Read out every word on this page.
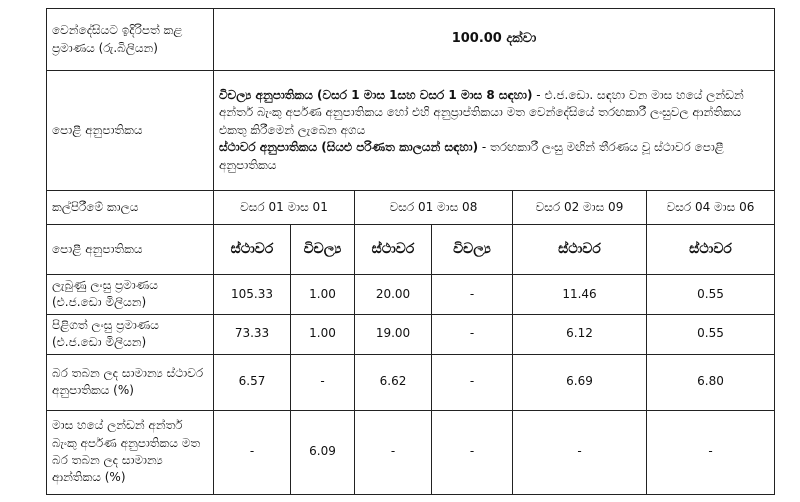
වෙන්දේසියට ඉදිරිපත් කළ ප්‍රමාණය (රු.බිලියන)	100.00 දක්වා					
පොළී අනුපාතිකය	විචල්‍ය අනුපාතිකය (වසර 1 මාස 1සහ වසර 1 මාස 8 සඳහා) - එ.ජ.ඩො. සඳහා වන මාස හයේ ලන්ඩන් අන්තර් බැංකු අර්පණ අනුපාතිකය හෝ එහි අනුප්‍රාප්තිකයා මත වෙන්දේසියේ තරඟකාරී ලංසුවල ආන්තිකය එකතු කිරීමෙන් ලැබෙන අගය

ස්ථාවර අනුපාතිකය (සියළු පරිණත කාලයන් සඳහා) - තරඟකාරී ලංසු මඟින් තීරණය වූ ස්ථාවර පොළී අනුපාතිකය					

කල්පිරීමේ කාලය	වසර 01 මාස 01		වසර 01 මාස 08		වසර 02 මාස 09	වසර 04 මාස 06
පොළී අනුපාතිකය	ස්ථාවර	විචල්‍ය	ස්ථාවර	විචල්‍ය	ස්ථාවර	ස්ථාවර
ලැබුණු ලංසු ප්‍රමාණය (එ.ජ.ඩො මිලියන)	105.33	1.00	20.00	-	11.46	0.55
පිළිගත් ලංසු ප්‍රමාණය (එ.ජ.ඩො මිලියන)	73.33	1.00	19.00	-	6.12	0.55
බර තබන ලද සාමාන්‍ය ස්ථාවර අනුපාතිකය (%)	6.57	-	6.62	-	6.69	6.80
මාස හයේ ලන්ඩන් අන්තර් බැංකු අර්පණ අනුපාතිකය මත බර තබන ලද සාමාන්‍ය ආන්තිකය (%)	-	6.09	-	-	-	-
